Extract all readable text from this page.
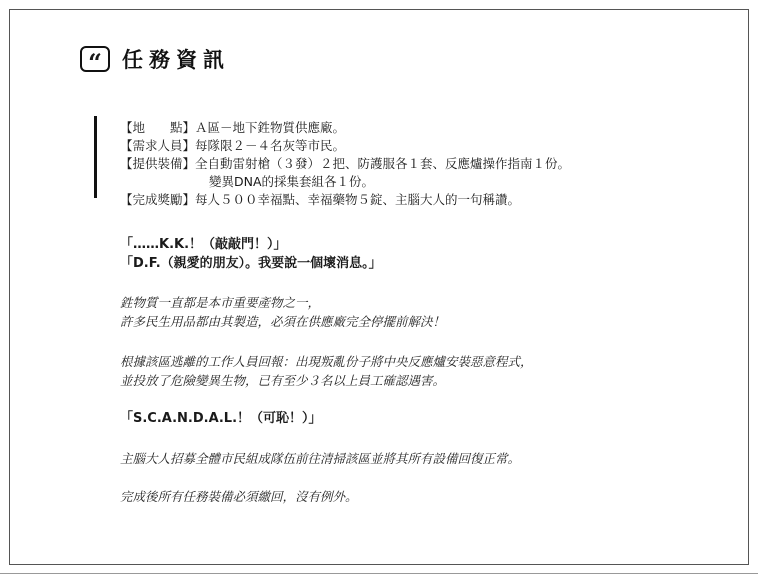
“ 任務資訊
【地　　點】 Ａ區－地下鉎物質供應廠。
【需求人員】 每隊限２－４名灰等市民。
【提供裝備】 全自動雷射槍（３發）２把、防護服各１套、反應爐操作指南１份。
變異DNA的採集套組各１份。
【完成獎勵】 每人５００幸福點、幸福藥物５錠、主腦大人的一句稱讚。
「……K.K.！（敲敲門！）」
「D.F.（親愛的朋友）。我要說一個壞消息。」
鉎物質一直都是本市重要產物之一，
許多民生用品都由其製造，必須在供應廠完全停擺前解決！
根據該區逃離的工作人員回報：出現叛亂份子將中央反應爐安裝惡意程式，
並投放了危險變異生物，已有至少３名以上員工確認遇害。
「S.C.A.N.D.A.L.！（可恥！）」
主腦大人招募全體市民組成隊伍前往清掃該區並將其所有設備回復正常。
完成後所有任務裝備必須繳回，沒有例外。
